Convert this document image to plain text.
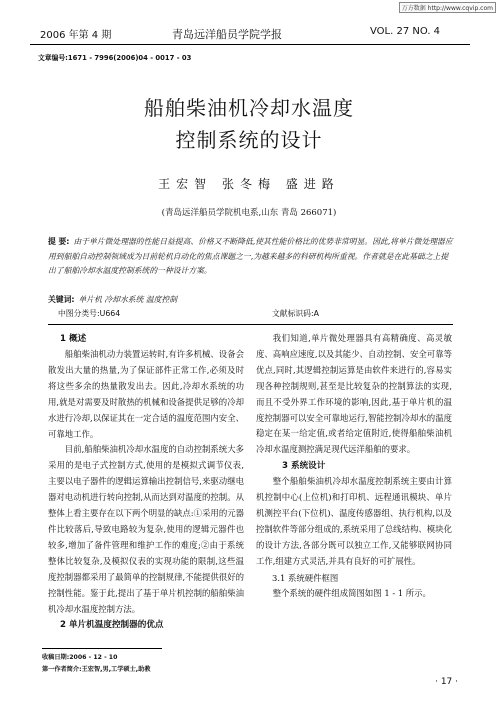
万方数据 http://www.cqvip.com
2006 年第 4 期	青岛远洋船员学院学报	VOL. 27 NO. 4
文章编号:1671 - 7996(2006)04 - 0017 - 03
船舶柴油机冷却水温度
控制系统的设计
王宏智 张冬梅 盛进路
(青岛远洋船员学院机电系,山东 青岛 266071)
提 要: 由于单片微处理器的性能日益提高、价格又不断降低,使其性能价格比的优势非常明显。因此,将单片微处理器应用到船舶自动控制领域成为目前轮机自动化的焦点课题之一,为越来越多的科研机构所重视。作者就是在此基础之上提出了船舶冷却水温度控制系统的一种设计方案。
关键词: 单片机 冷却水系统 温度控制
中图分类号:U664	文献标识码:A
1 概述

船舶柴油机动力装置运转时,有许多机械、设备会散发出大量的热量,为了保证部件正常工作,必须及时将这些多余的热量散发出去。因此,冷却水系统的功用,就是对需要及时散热的机械和设备提供足够的冷却水进行冷却,以保证其在一定合适的温度范围内安全、可靠地工作。

目前,船舶柴油机冷却水温度的自动控制系统大多采用的是电子式控制方式,使用的是模拟式调节仪表,主要以电子器件的逻辑运算输出控制信号,来驱动继电器对电动机进行转向控制,从而达到对温度的控制。从整体上看主要存在以下两个明显的缺点:①采用的元器件比较落后,导致电路较为复杂,使用的逻辑元器件也较多,增加了备件管理和维护工作的难度;②由于系统整体比较复杂,及模拟仪表的实现功能的限制,这些温度控制器都采用了最简单的控制规律,不能提供很好的控制性能。鉴于此,提出了基于单片机控制的船舶柴油机冷却水温度控制方法。

2 单片机温度控制器的优点

我们知道,单片微处理器具有高精确度、高灵敏度、高响应速度,以及其能少、自动控制、安全可靠等优点,同时,其逻辑控制运算是由软件来进行的,容易实现各种控制规则,甚至是比较复杂的控制算法的实现,而且不受外界工作环境的影响,因此,基于单片机的温度控制器可以安全可靠地运行,智能控制冷却水的温度稳定在某一给定值,或者给定值附近,使得船舶柴油机冷却水温度测控满足现代远洋船舶的要求。

3 系统设计

整个船舶柴油机冷却水温度控制系统主要由计算机控制中心(上位机)和打印机、远程通讯模块、单片机测控平台(下位机)、温度传感器组、执行机构,以及控制软件等部分组成的,系统采用了总线结构、模块化的设计方法,各部分既可以独立工作,又能够联网协同工作,组建方式灵活,并具有良好的可扩展性。

3.1 系统硬件框图

整个系统的硬件组成简图如图 1 - 1 所示。

收稿日期:2006 - 12 - 10
第一作者简介:王宏智,男,工学硕士,助教
· 17 ·
